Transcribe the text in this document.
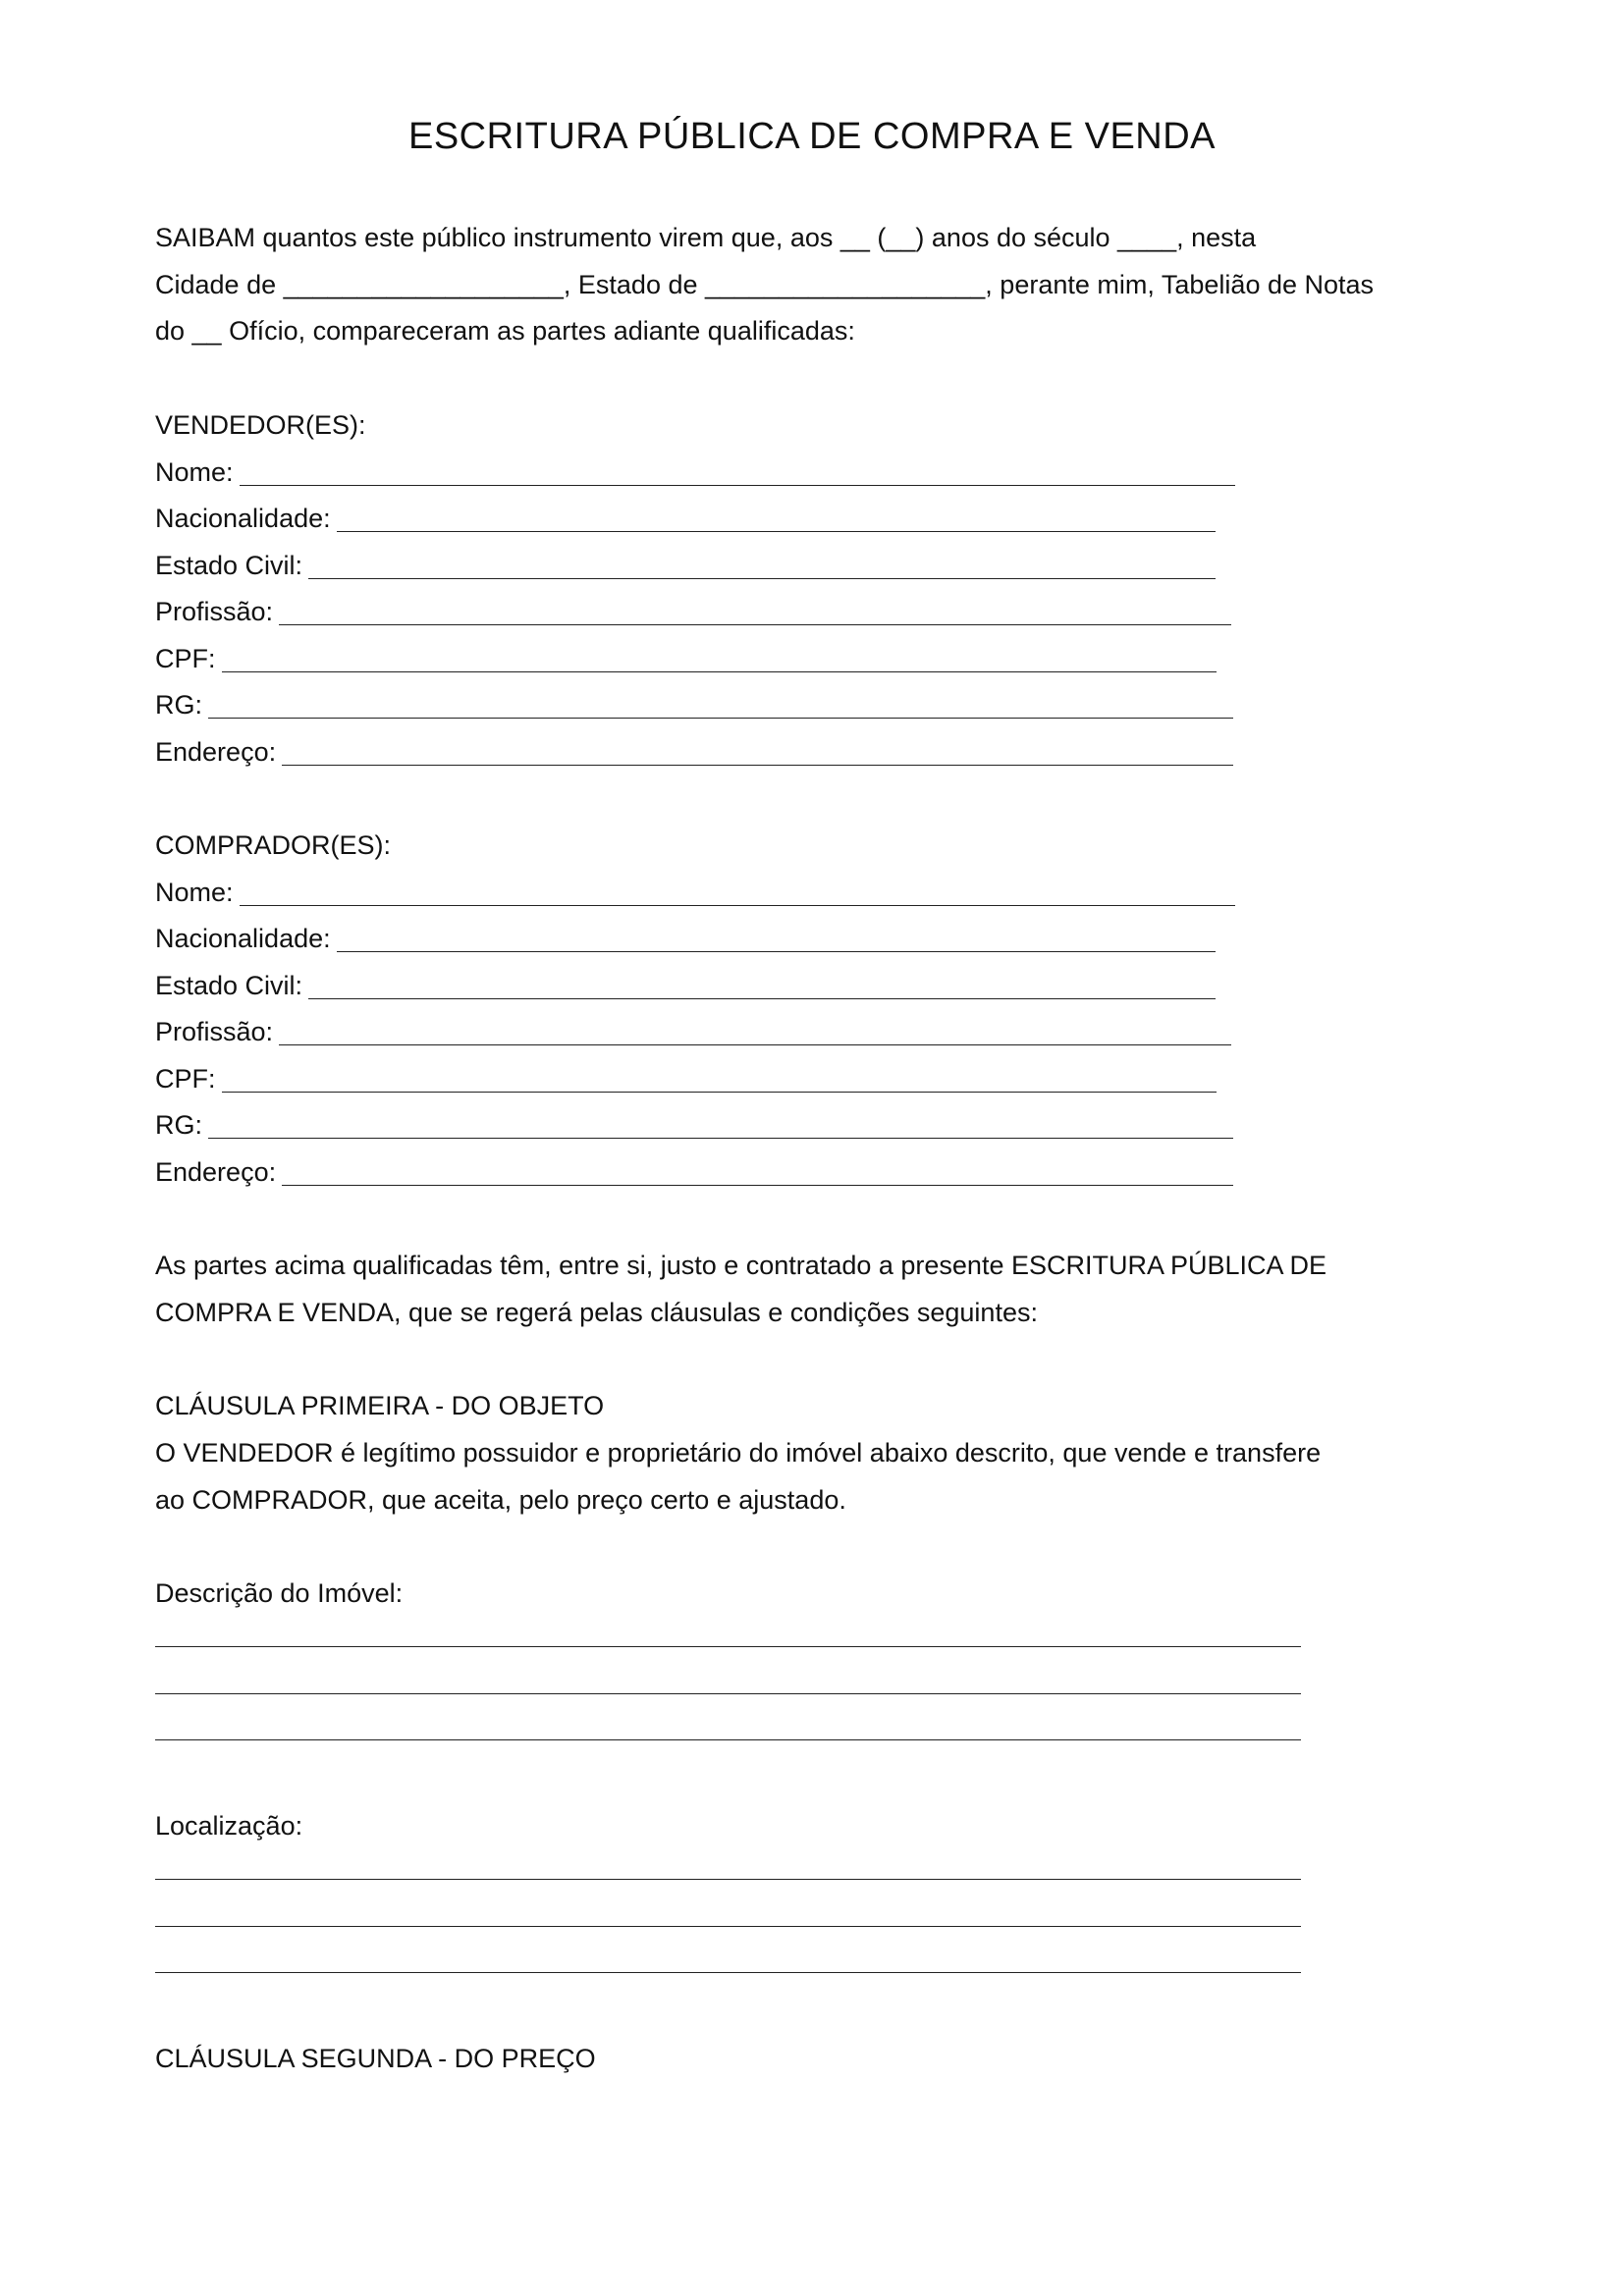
ESCRITURA PÚBLICA DE COMPRA E VENDA
SAIBAM quantos este público instrumento virem que, aos __ (__) anos do século ____, nesta
Cidade de ___________________, Estado de ___________________, perante mim, Tabelião de Notas
do __ Ofício, compareceram as partes adiante qualificadas:
VENDEDOR(ES):
Nome:
Nacionalidade:
Estado Civil:
Profissão:
CPF:
RG:
Endereço:
COMPRADOR(ES):
Nome:
Nacionalidade:
Estado Civil:
Profissão:
CPF:
RG:
Endereço:
As partes acima qualificadas têm, entre si, justo e contratado a presente ESCRITURA PÚBLICA DE
COMPRA E VENDA, que se regerá pelas cláusulas e condições seguintes:
CLÁUSULA PRIMEIRA - DO OBJETO
O VENDEDOR é legítimo possuidor e proprietário do imóvel abaixo descrito, que vende e transfere
ao COMPRADOR, que aceita, pelo preço certo e ajustado.
Descrição do Imóvel:
Localização:
CLÁUSULA SEGUNDA - DO PREÇO
